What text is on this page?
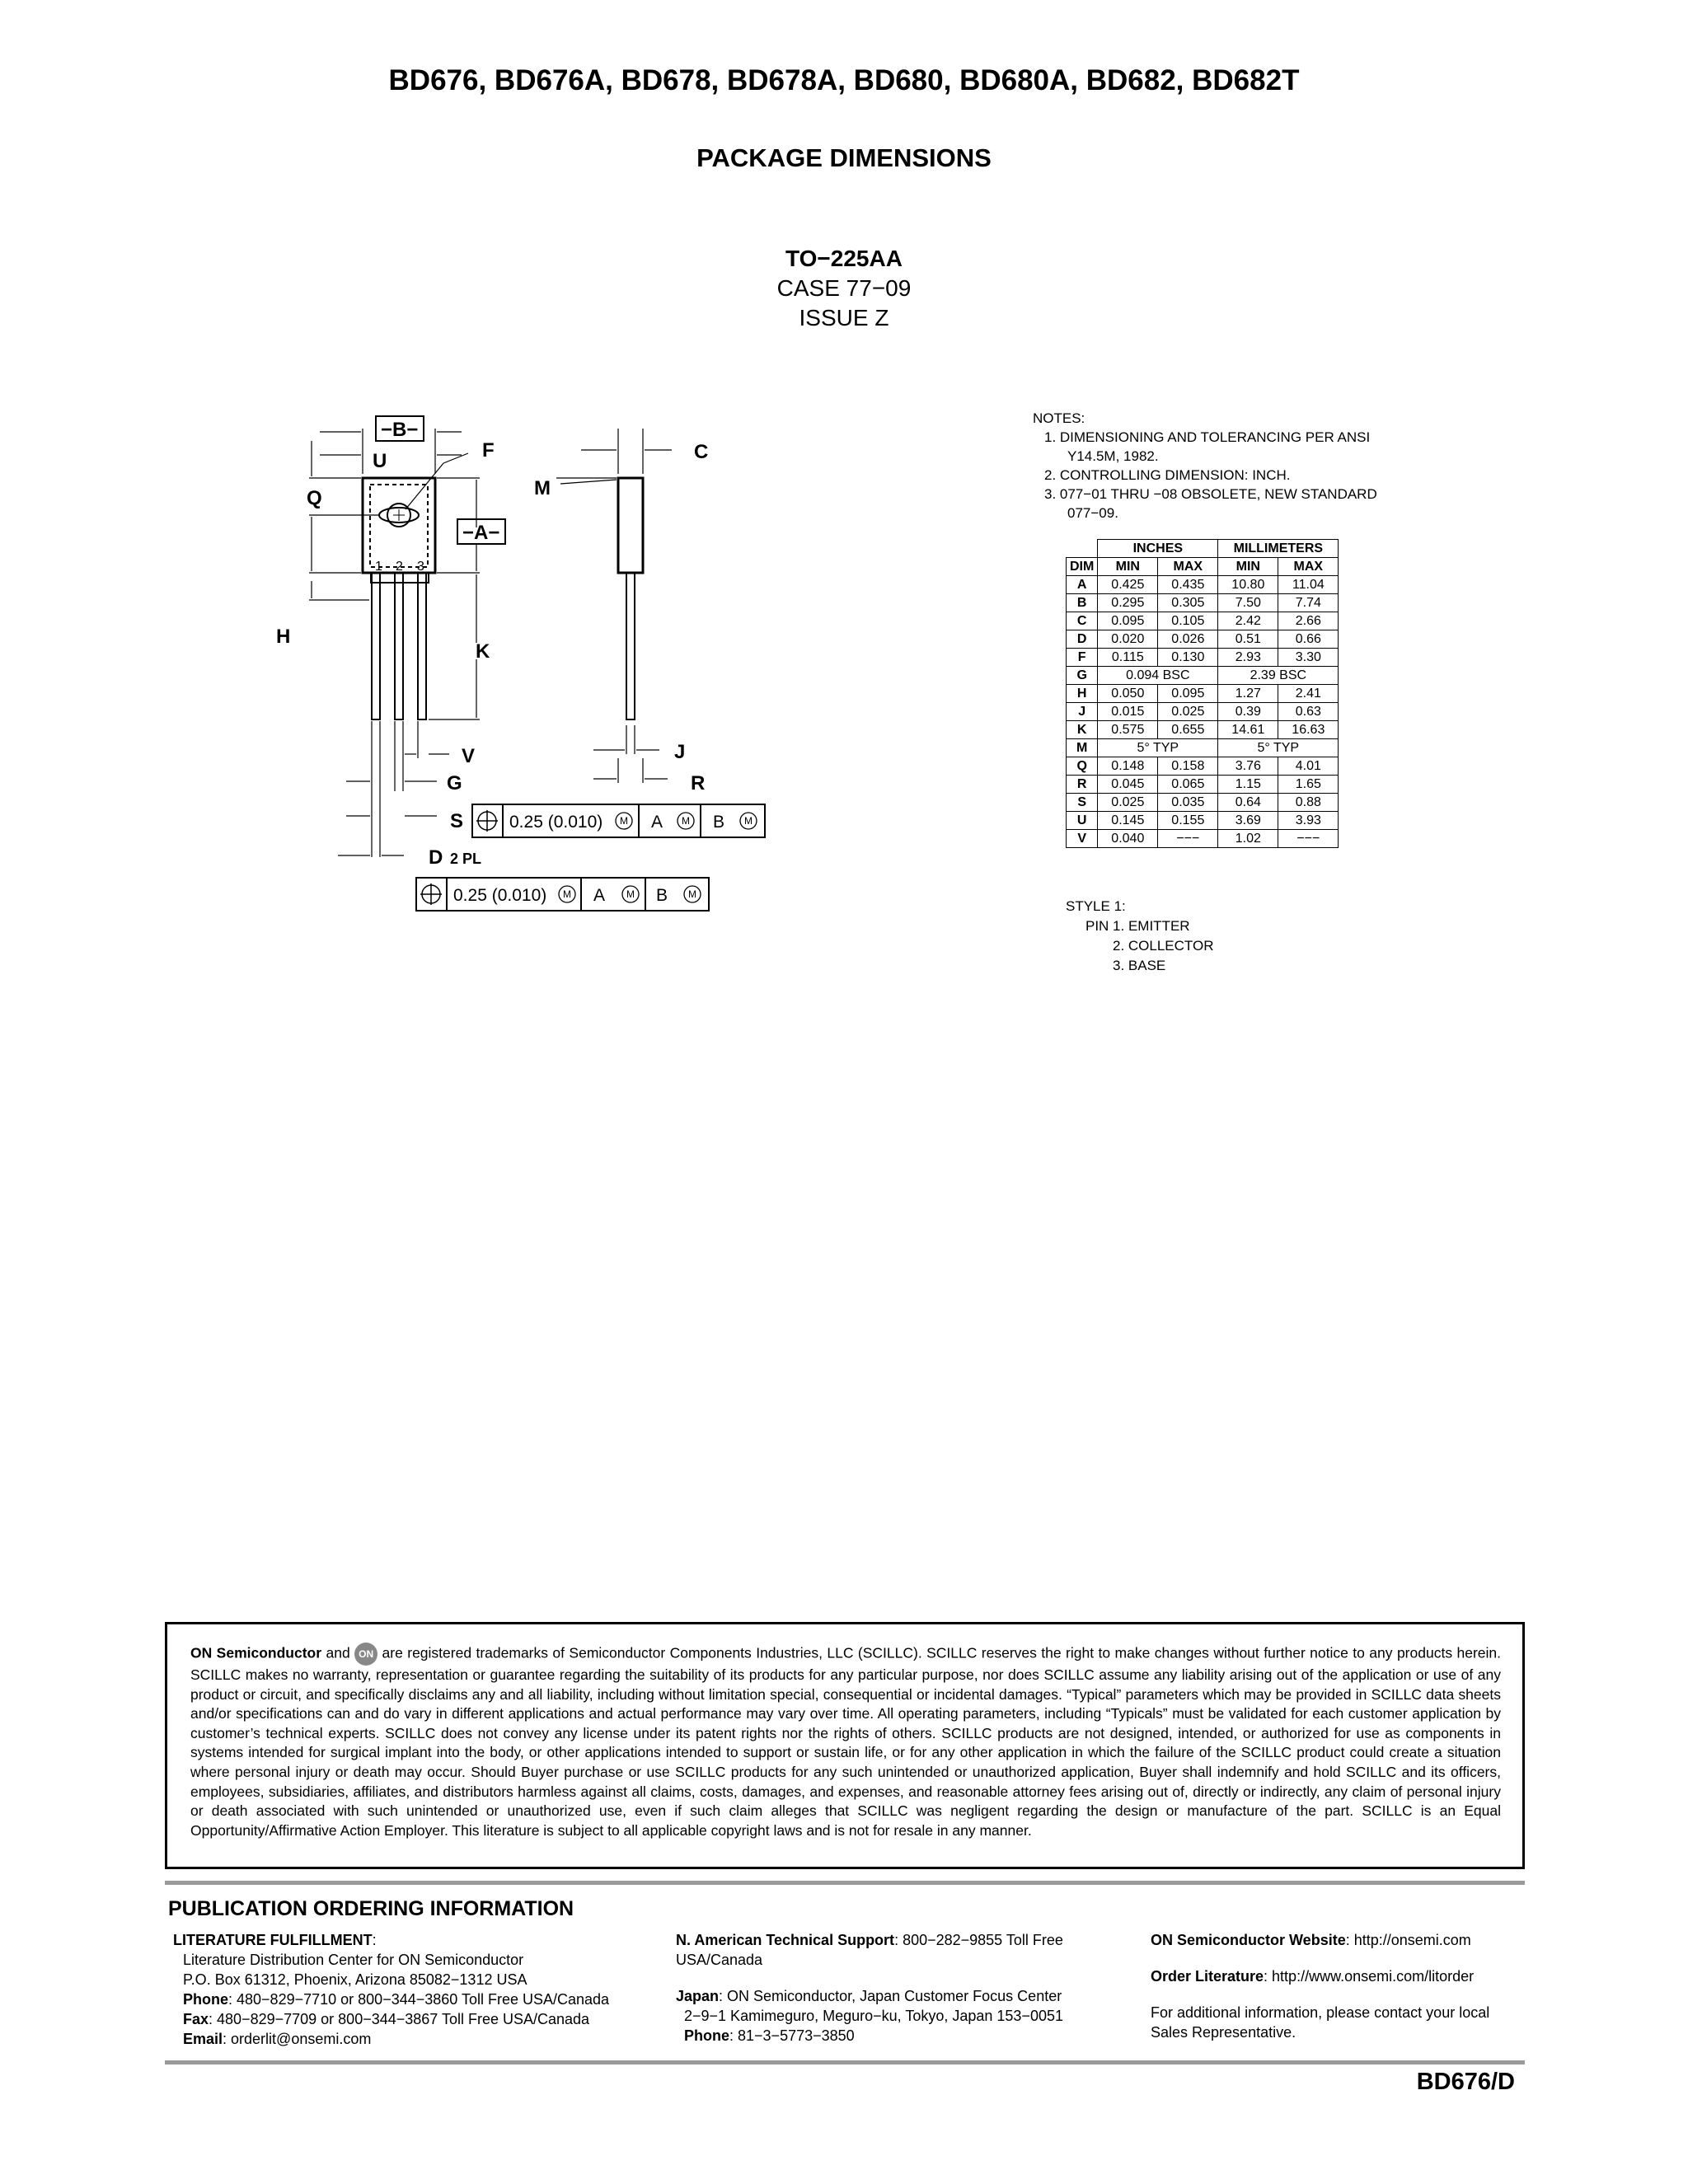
BD676, BD676A, BD678, BD678A, BD680, BD680A, BD682, BD682T
PACKAGE DIMENSIONS
TO−225AA
CASE 77−09
ISSUE Z
−B−
−A−
U	F	C
Q	M
H
K
V	J
G	R
S
D 2 PL
1 2 3
0.25 (0.010)	A	B
0.25 (0.010)	A	B
M	M	M
M	M	M
NOTES:
1. DIMENSIONING AND TOLERANCING PER ANSI
Y14.5M, 1982.
2. CONTROLLING DIMENSION: INCH.
3. 077−01 THRU −08 OBSOLETE, NEW STANDARD
077−09.
	INCHES		MILLIMETERS	
DIM	MIN	MAX	MIN	MAX
A	0.425	0.435	10.80	11.04
B	0.295	0.305	7.50	7.74
C	0.095	0.105	2.42	2.66
D	0.020	0.026	0.51	0.66
F	0.115	0.130	2.93	3.30
G	0.094 BSC		2.39 BSC	
H	0.050	0.095	1.27	2.41
J	0.015	0.025	0.39	0.63
K	0.575	0.655	14.61	16.63
M	5° TYP		5° TYP	
Q	0.148	0.158	3.76	4.01
R	0.045	0.065	1.15	1.65
S	0.025	0.035	0.64	0.88
U	0.145	0.155	3.69	3.93
V	0.040	−−−	1.02	−−−
STYLE 1:
PIN 1. EMITTER
2. COLLECTOR
3. BASE
ON Semiconductor and ON are registered trademarks of Semiconductor Components Industries, LLC (SCILLC). SCILLC reserves the right to make changes without further notice to any products herein. SCILLC makes no warranty, representation or guarantee regarding the suitability of its products for any particular purpose, nor does SCILLC assume any liability arising out of the application or use of any product or circuit, and specifically disclaims any and all liability, including without limitation special, consequential or incidental damages. “Typical” parameters which may be provided in SCILLC data sheets and/or specifications can and do vary in different applications and actual performance may vary over time. All operating parameters, including “Typicals” must be validated for each customer application by customer’s technical experts. SCILLC does not convey any license under its patent rights nor the rights of others. SCILLC products are not designed, intended, or authorized for use as components in systems intended for surgical implant into the body, or other applications intended to support or sustain life, or for any other application in which the failure of the SCILLC product could create a situation where personal injury or death may occur. Should Buyer purchase or use SCILLC products for any such unintended or unauthorized application, Buyer shall indemnify and hold SCILLC and its officers, employees, subsidiaries, affiliates, and distributors harmless against all claims, costs, damages, and expenses, and reasonable attorney fees arising out of, directly or indirectly, any claim of personal injury or death associated with such unintended or unauthorized use, even if such claim alleges that SCILLC was negligent regarding the design or manufacture of the part. SCILLC is an Equal Opportunity/Affirmative Action Employer. This literature is subject to all applicable copyright laws and is not for resale in any manner.
PUBLICATION ORDERING INFORMATION
LITERATURE FULFILLMENT:
Literature Distribution Center for ON Semiconductor
P.O. Box 61312, Phoenix, Arizona 85082−1312 USA
Phone: 480−829−7710 or 800−344−3860 Toll Free USA/Canada
Fax: 480−829−7709 or 800−344−3867 Toll Free USA/Canada
Email: orderlit@onsemi.com
N. American Technical Support: 800−282−9855 Toll Free USA/Canada
Japan: ON Semiconductor, Japan Customer Focus Center
2−9−1 Kamimeguro, Meguro−ku, Tokyo, Japan 153−0051
Phone: 81−3−5773−3850
ON Semiconductor Website: http://onsemi.com
Order Literature: http://www.onsemi.com/litorder
For additional information, please contact your local Sales Representative.
BD676/D
